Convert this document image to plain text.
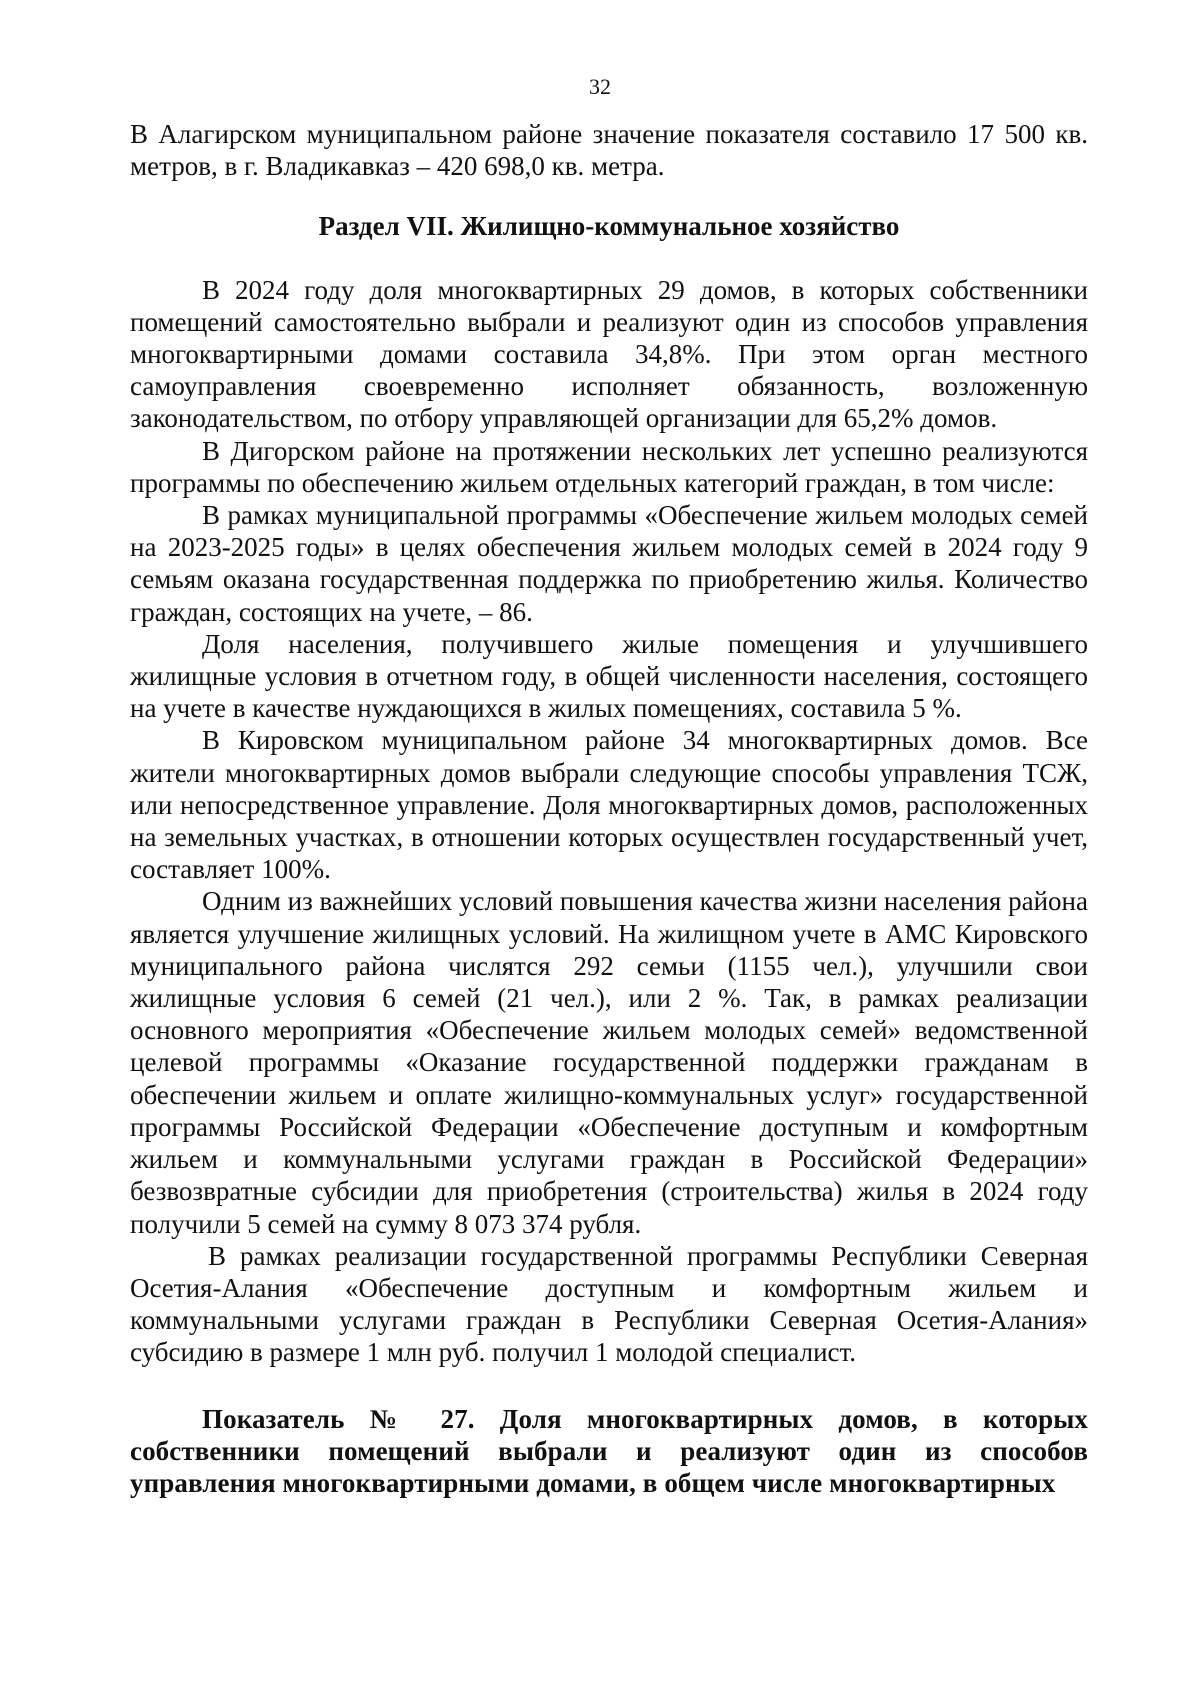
32

В Алагирском муниципальном районе значение показателя составило 17 500 кв. метров, в г. Владикавказ – 420 698,0 кв. метра.

Раздел VII. Жилищно-коммунальное хозяйство

В 2024 году доля многоквартирных 29 домов, в которых собственники помещений самостоятельно выбрали и реализуют один из способов управления многоквартирными домами составила 34,8%. При этом орган местного самоуправления своевременно исполняет обязанность, возложенную законодательством, по отбору управляющей организации для 65,2% домов.

В Дигорском районе на протяжении нескольких лет успешно реализуются программы по обеспечению жильем отдельных категорий граждан, в том числе:

В рамках муниципальной программы «Обеспечение жильем молодых семей на 2023-2025 годы» в целях обеспечения жильем молодых семей в 2024 году 9 семьям оказана государственная поддержка по приобретению жилья. Количество граждан, состоящих на учете, – 86.

Доля населения, получившего жилые помещения и улучшившего жилищные условия в отчетном году, в общей численности населения, состоящего на учете в качестве нуждающихся в жилых помещениях, составила 5 %.

В Кировском муниципальном районе 34 многоквартирных домов. Все жители многоквартирных домов выбрали следующие способы управления ТСЖ, или непосредственное управление. Доля многоквартирных домов, расположенных на земельных участках, в отношении которых осуществлен государственный учет, составляет 100%.

Одним из важнейших условий повышения качества жизни населения района является улучшение жилищных условий. На жилищном учете в АМС Кировского муниципального района числятся 292 семьи (1155 чел.), улучшили свои жилищные условия 6 семей (21 чел.), или 2 %. Так, в рамках реализации основного мероприятия «Обеспечение жильем молодых семей» ведомственной целевой программы «Оказание государственной поддержки гражданам в обеспечении жильем и оплате жилищно-коммунальных услуг» государственной программы Российской Федерации «Обеспечение доступным и комфортным жильем и коммунальными услугами граждан в Российской Федерации» безвозвратные субсидии для приобретения (строительства) жилья в 2024 году получили 5 семей на сумму 8 073 374 рубля.

В рамках реализации государственной программы Республики Северная Осетия-Алания «Обеспечение доступным и комфортным жильем и коммунальными услугами граждан в Республики Северная Осетия-Алания» субсидию в размере 1 млн руб. получил 1 молодой специалист.

Показатель № 27. Доля многоквартирных домов, в которых собственники помещений выбрали и реализуют один из способов управления многоквартирными домами, в общем числе многоквартирных
